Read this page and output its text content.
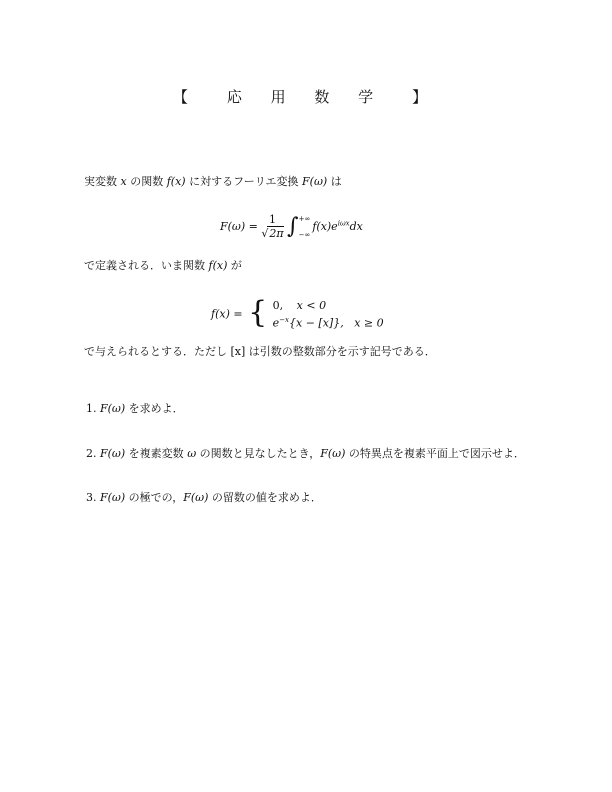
【　応 用 数 学　】
実変数 x の関数 f(x) に対するフーリエ変換 F(ω) は
$F(\omega) = \frac{1}{√2\pi}$ ∫ +∞
−∞
$f(x)e^{i\omega x}dx$
で定義される．いま関数 f(x) が
f(x) = { 0, x < 0
$e^{-x}\{x - [x]\}$, x ≥ 0
で与えられるとする．ただし [x] は引数の整数部分を示す記号である．
1. F(ω) を求めよ．
2. F(ω) を複素変数 ω の関数と見なしたとき，F(ω) の特異点を複素平面上で図示せよ．
3. F(ω) の極での，F(ω) の留数の値を求めよ．
